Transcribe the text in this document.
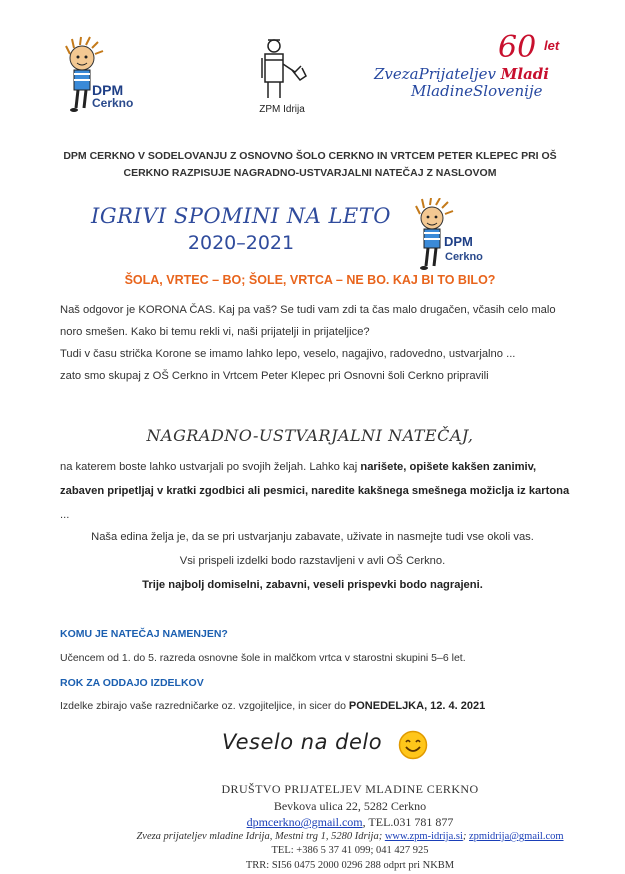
DPM
Cerkno	ZPM Idrija
60 let
ZvezaPrijateljev Mladi
MladineSlovenije
DPM CERKNO V SODELOVANJU Z OSNOVNO ŠOLO CERKNO IN VRTCEM PETER KLEPEC PRI OŠ
CERKNO RAZPISUJE NAGRADNO-USTVARJALNI NATEČAJ Z NASLOVOM
IGRIVI SPOMINI NA LETO
2020–2021	DPM
Cerkno
ŠOLA, VRTEC – BO; ŠOLE, VRTCA – NE BO. KAJ BI TO BILO?
Naš odgovor je KORONA ČAS. Kaj pa vaš? Se tudi vam zdi ta čas malo drugačen, včasih celo malo
noro smešen. Kako bi temu rekli vi, naši prijatelji in prijateljice?
Tudi v času strička Korone se imamo lahko lepo, veselo, nagajivo, radovedno, ustvarjalno ...
zato smo skupaj z OŠ Cerkno in Vrtcem Peter Klepec pri Osnovni šoli Cerkno pripravili
NAGRADNO-USTVARJALNI NATEČAJ,
na katerem boste lahko ustvarjali po svojih željah. Lahko kaj narišete, opišete kakšen zanimiv,
zabaven pripetljaj v kratki zgodbici ali pesmici, naredite kakšnega smešnega možiclja iz kartona ...
Naša edina želja je, da se pri ustvarjanju zabavate, uživate in nasmejte tudi vse okoli vas.
Vsi prispeli izdelki bodo razstavljeni v avli OŠ Cerkno.
Trije najbolj domiselni, zabavni, veseli prispevki bodo nagrajeni.
KOMU JE NATEČAJ NAMENJEN?
Učencem od 1. do 5. razreda osnovne šole in malčkom vrtca v starostni skupini 5–6 let.
ROK ZA ODDAJO IZDELKOV
Izdelke zbirajo vaše razredničarke oz. vzgojiteljice, in sicer do PONEDELJKA, 12. 4. 2021
Veselo na delo
DRUŠTVO PRIJATELJEV MLADINE CERKNO
Bevkova ulica 22, 5282 Cerkno
dpmcerkno@gmail.com, TEL.031 781 877
Zveza prijateljev mladine Idrija, Mestni trg 1, 5280 Idrija; www.zpm-idrija.si; zpmidrija@gmail.com
TEL: +386 5 37 41 099; 041 427 925
TRR: SI56 0475 2000 0296 288 odprt pri NKBM
